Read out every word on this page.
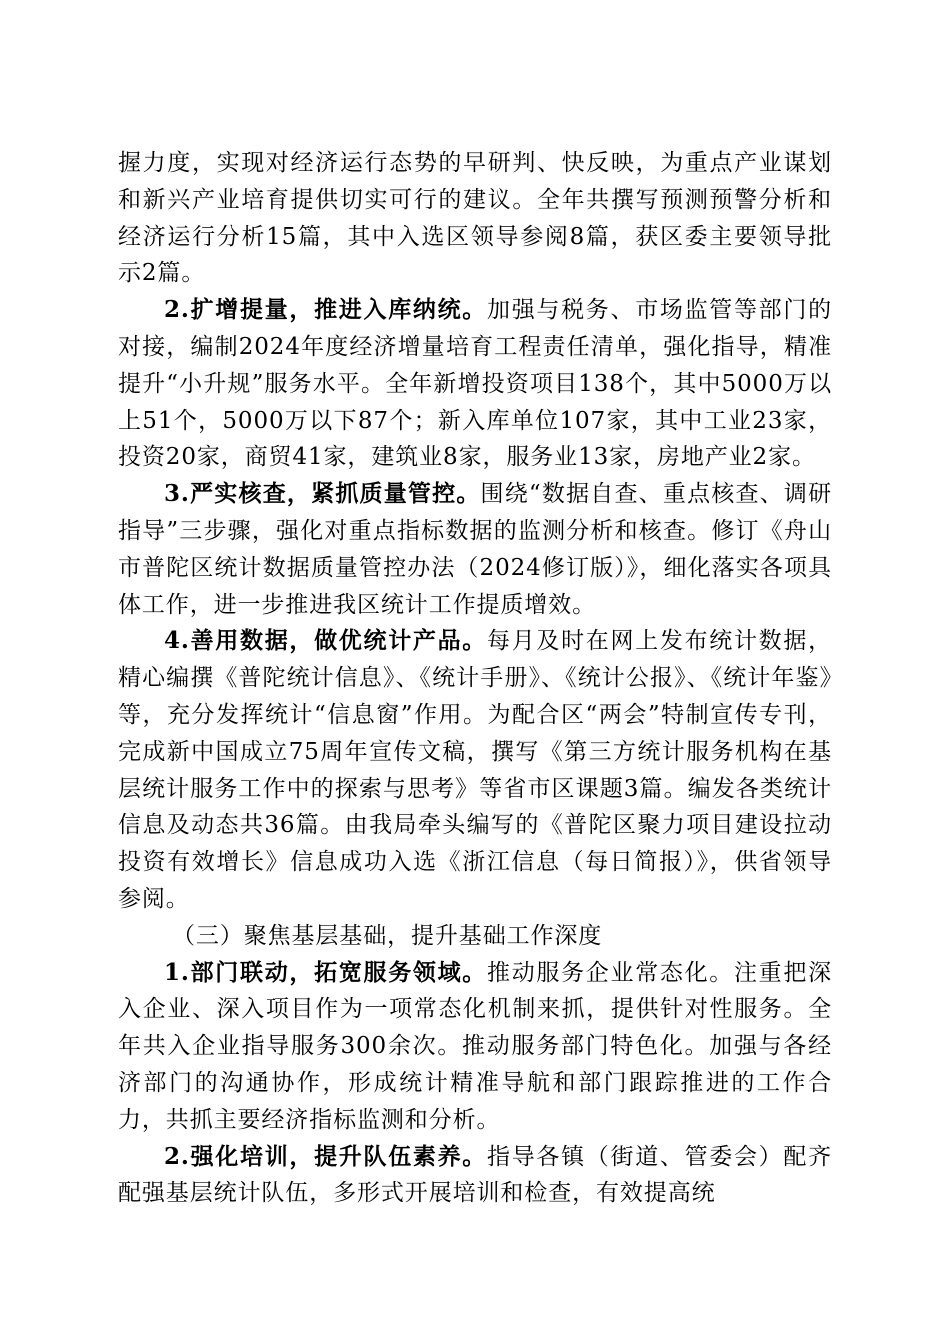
握力度，实现对经济运行态势的早研判、快反映，为重点产业谋划和新兴产业培育提供切实可行的建议。全年共撰写预测预警分析和经济运行分析15篇，其中入选区领导参阅8篇，获区委主要领导批示2篇。

2.扩增提量，推进入库纳统。加强与税务、市场监管等部门的对接，编制2024年度经济增量培育工程责任清单，强化指导，精准提升“小升规”服务水平。全年新增投资项目138个，其中5000万以上51个，5000万以下87个；新入库单位107家，其中工业23家，投资20家，商贸41家，建筑业8家，服务业13家，房地产业2家。

3.严实核查，紧抓质量管控。围绕“数据自查、重点核查、调研指导”三步骤，强化对重点指标数据的监测分析和核查。修订《舟山市普陀区统计数据质量管控办法（2024修订版）》，细化落实各项具体工作，进一步推进我区统计工作提质增效。

4.善用数据，做优统计产品。每月及时在网上发布统计数据，精心编撰《普陀统计信息》、《统计手册》、《统计公报》、《统计年鉴》等，充分发挥统计“信息窗”作用。为配合区“两会”特制宣传专刊，完成新中国成立75周年宣传文稿，撰写《第三方统计服务机构在基层统计服务工作中的探索与思考》等省市区课题3篇。编发各类统计信息及动态共36篇。由我局牵头编写的《普陀区聚力项目建设拉动投资有效增长》信息成功入选《浙江信息（每日简报）》，供省领导参阅。

（三）聚焦基层基础，提升基础工作深度

1.部门联动，拓宽服务领域。推动服务企业常态化。注重把深入企业、深入项目作为一项常态化机制来抓，提供针对性服务。全年共入企业指导服务300余次。推动服务部门特色化。加强与各经济部门的沟通协作，形成统计精准导航和部门跟踪推进的工作合力，共抓主要经济指标监测和分析。

2.强化培训，提升队伍素养。指导各镇（街道、管委会）配齐配强基层统计队伍，多形式开展培训和检查，有效提高统
